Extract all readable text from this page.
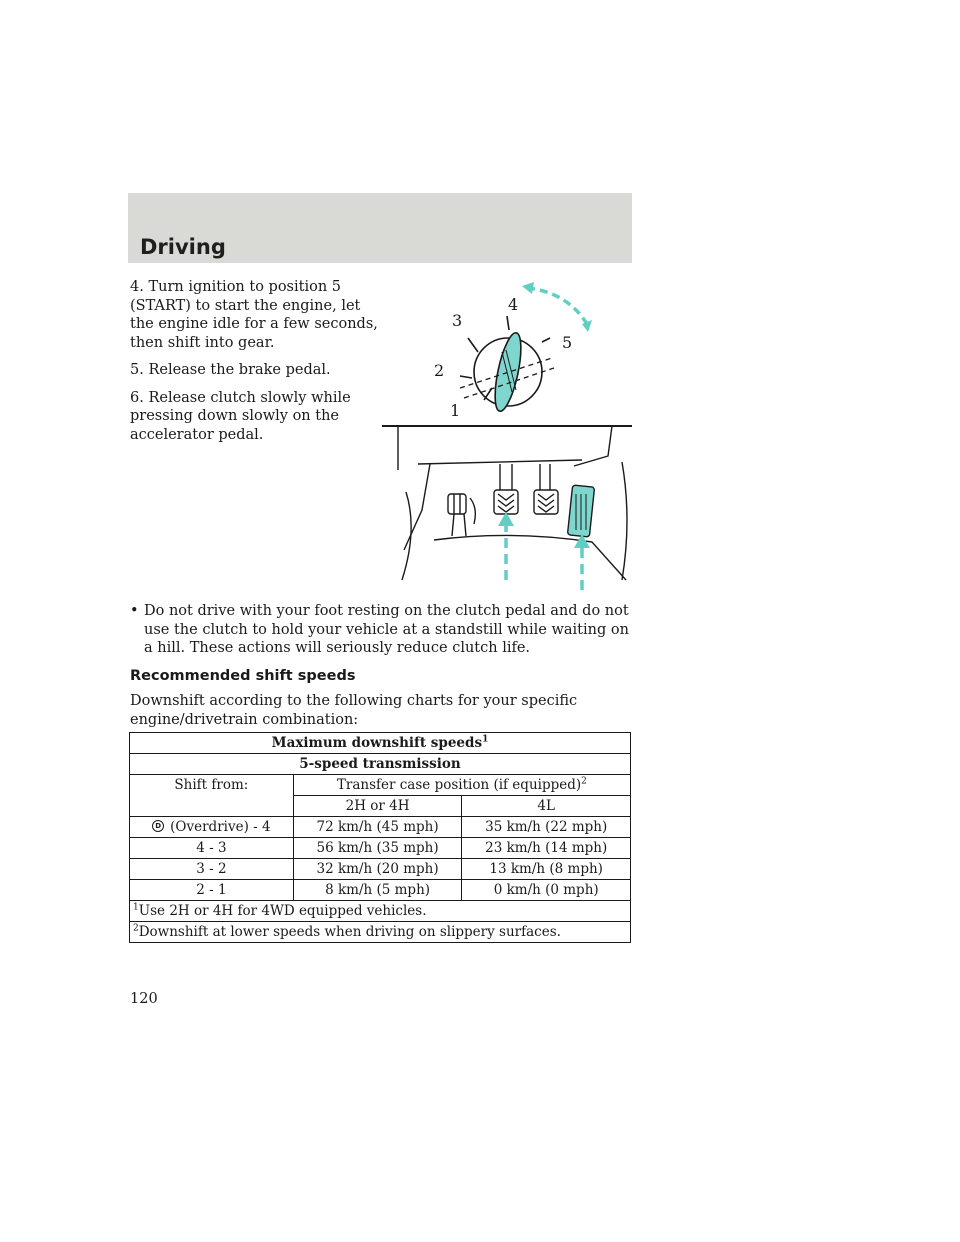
Driving

4. Turn ignition to position 5 (START) to start the engine, let the engine idle for a few seconds, then shift into gear.

5. Release the brake pedal.

6. Release clutch slowly while pressing down slowly on the accelerator pedal.

3
4
5
2
1
• Do not drive with your foot resting on the clutch pedal and do not use the clutch to hold your vehicle at a standstill while waiting on a hill. These actions will seriously reduce clutch life.
Recommended shift speeds
Downshift according to the following charts for your specific engine/drivetrain combination:
Maximum downshift speeds$^1$
5-speed transmission		
Shift from:	Transfer case position (if equipped)$^2$
	2H or 4H	4L
D (Overdrive) - 4	72 km/h (45 mph)	35 km/h (22 mph)
4 - 3	56 km/h (35 mph)	23 km/h (14 mph)
3 - 2	32 km/h (20 mph)	13 km/h (8 mph)
2 - 1	8 km/h (5 mph)	0 km/h (0 mph)
$^1$Use 2H or 4H for 4WD equipped vehicles.		
$^2$Downshift at lower speeds when driving on slippery surfaces.		
120
